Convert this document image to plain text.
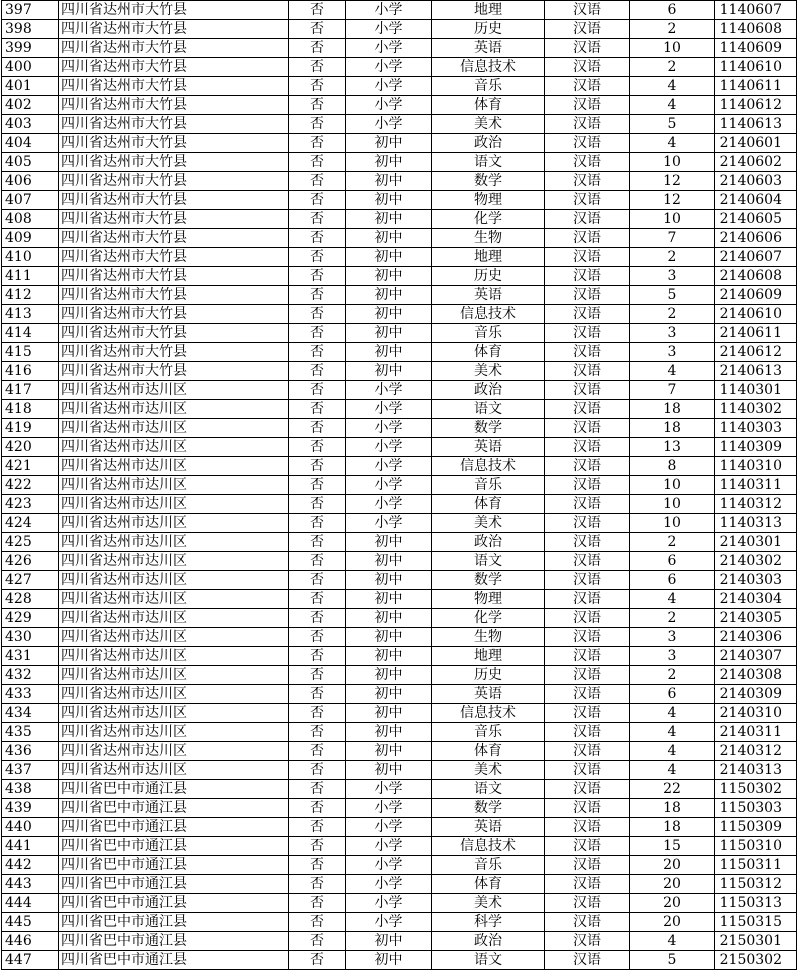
397	四川省达州市大竹县	否	小学	地理	汉语	6	1140607
398	四川省达州市大竹县	否	小学	历史	汉语	2	1140608
399	四川省达州市大竹县	否	小学	英语	汉语	10	1140609
400	四川省达州市大竹县	否	小学	信息技术	汉语	2	1140610
401	四川省达州市大竹县	否	小学	音乐	汉语	4	1140611
402	四川省达州市大竹县	否	小学	体育	汉语	4	1140612
403	四川省达州市大竹县	否	小学	美术	汉语	5	1140613
404	四川省达州市大竹县	否	初中	政治	汉语	4	2140601
405	四川省达州市大竹县	否	初中	语文	汉语	10	2140602
406	四川省达州市大竹县	否	初中	数学	汉语	12	2140603
407	四川省达州市大竹县	否	初中	物理	汉语	12	2140604
408	四川省达州市大竹县	否	初中	化学	汉语	10	2140605
409	四川省达州市大竹县	否	初中	生物	汉语	7	2140606
410	四川省达州市大竹县	否	初中	地理	汉语	2	2140607
411	四川省达州市大竹县	否	初中	历史	汉语	3	2140608
412	四川省达州市大竹县	否	初中	英语	汉语	5	2140609
413	四川省达州市大竹县	否	初中	信息技术	汉语	2	2140610
414	四川省达州市大竹县	否	初中	音乐	汉语	3	2140611
415	四川省达州市大竹县	否	初中	体育	汉语	3	2140612
416	四川省达州市大竹县	否	初中	美术	汉语	4	2140613
417	四川省达州市达川区	否	小学	政治	汉语	7	1140301
418	四川省达州市达川区	否	小学	语文	汉语	18	1140302
419	四川省达州市达川区	否	小学	数学	汉语	18	1140303
420	四川省达州市达川区	否	小学	英语	汉语	13	1140309
421	四川省达州市达川区	否	小学	信息技术	汉语	8	1140310
422	四川省达州市达川区	否	小学	音乐	汉语	10	1140311
423	四川省达州市达川区	否	小学	体育	汉语	10	1140312
424	四川省达州市达川区	否	小学	美术	汉语	10	1140313
425	四川省达州市达川区	否	初中	政治	汉语	2	2140301
426	四川省达州市达川区	否	初中	语文	汉语	6	2140302
427	四川省达州市达川区	否	初中	数学	汉语	6	2140303
428	四川省达州市达川区	否	初中	物理	汉语	4	2140304
429	四川省达州市达川区	否	初中	化学	汉语	2	2140305
430	四川省达州市达川区	否	初中	生物	汉语	3	2140306
431	四川省达州市达川区	否	初中	地理	汉语	3	2140307
432	四川省达州市达川区	否	初中	历史	汉语	2	2140308
433	四川省达州市达川区	否	初中	英语	汉语	6	2140309
434	四川省达州市达川区	否	初中	信息技术	汉语	4	2140310
435	四川省达州市达川区	否	初中	音乐	汉语	4	2140311
436	四川省达州市达川区	否	初中	体育	汉语	4	2140312
437	四川省达州市达川区	否	初中	美术	汉语	4	2140313
438	四川省巴中市通江县	否	小学	语文	汉语	22	1150302
439	四川省巴中市通江县	否	小学	数学	汉语	18	1150303
440	四川省巴中市通江县	否	小学	英语	汉语	18	1150309
441	四川省巴中市通江县	否	小学	信息技术	汉语	15	1150310
442	四川省巴中市通江县	否	小学	音乐	汉语	20	1150311
443	四川省巴中市通江县	否	小学	体育	汉语	20	1150312
444	四川省巴中市通江县	否	小学	美术	汉语	20	1150313
445	四川省巴中市通江县	否	小学	科学	汉语	20	1150315
446	四川省巴中市通江县	否	初中	政治	汉语	4	2150301
447	四川省巴中市通江县	否	初中	语文	汉语	5	2150302
